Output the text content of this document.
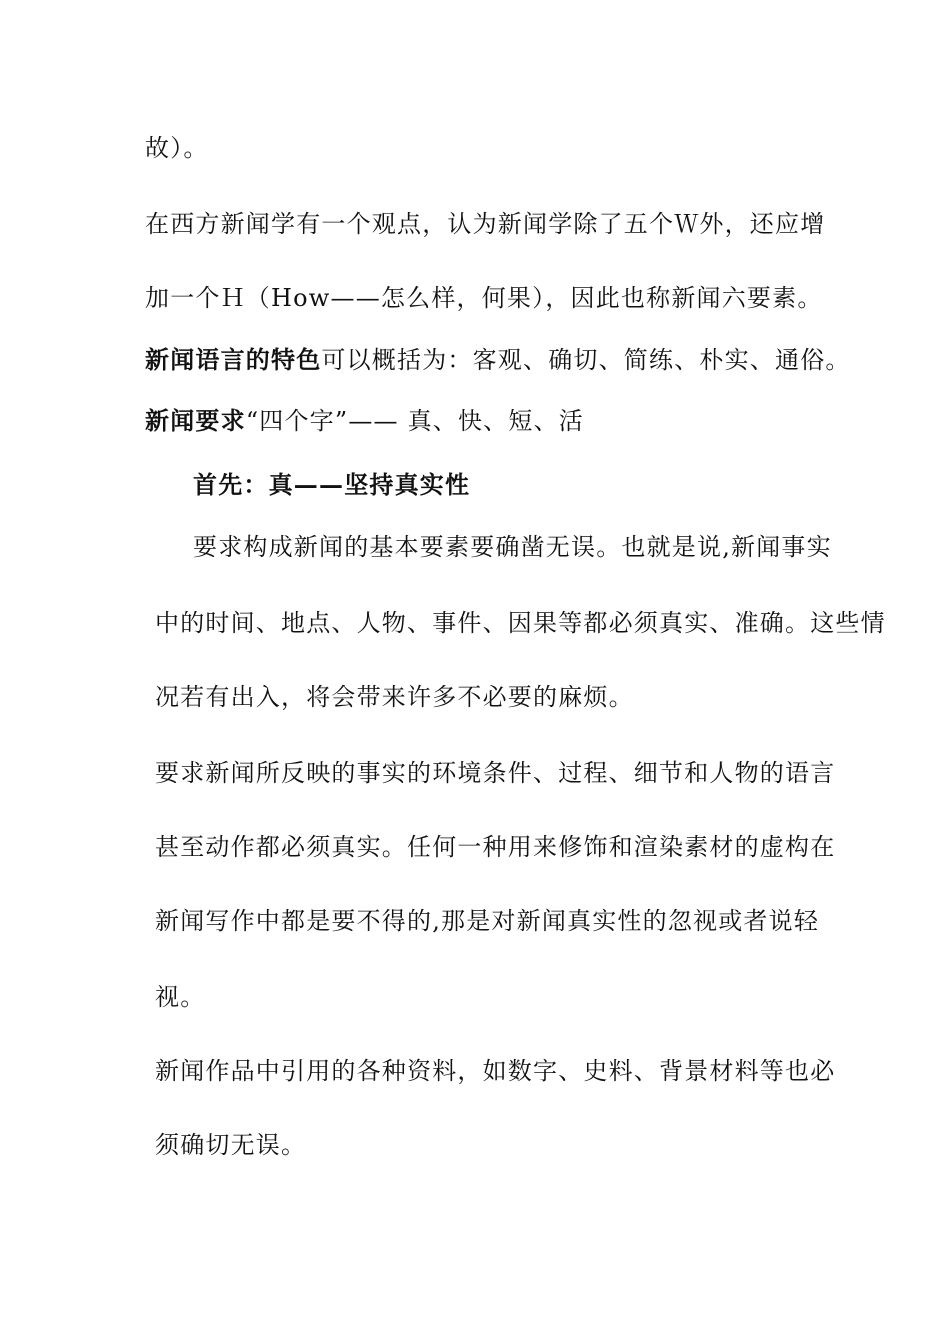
故）。
在西方新闻学有一个观点，认为新闻学除了五个Ｗ外，还应增
加一个Ｈ（How——怎么样，何果），因此也称新闻六要素。
新闻语言的特色可以概括为：客观、确切、简练、朴实、通俗。
新闻要求“四个字”—— 真、快、短、活
首先：真——坚持真实性
要求构成新闻的基本要素要确凿无误。也就是说,新闻事实
中的时间、地点、人物、事件、因果等都必须真实、准确。这些情
况若有出入，将会带来许多不必要的麻烦。
要求新闻所反映的事实的环境条件、过程、细节和人物的语言
甚至动作都必须真实。任何一种用来修饰和渲染素材的虚构在
新闻写作中都是要不得的,那是对新闻真实性的忽视或者说轻
视。
新闻作品中引用的各种资料，如数字、史料、背景材料等也必
须确切无误。
